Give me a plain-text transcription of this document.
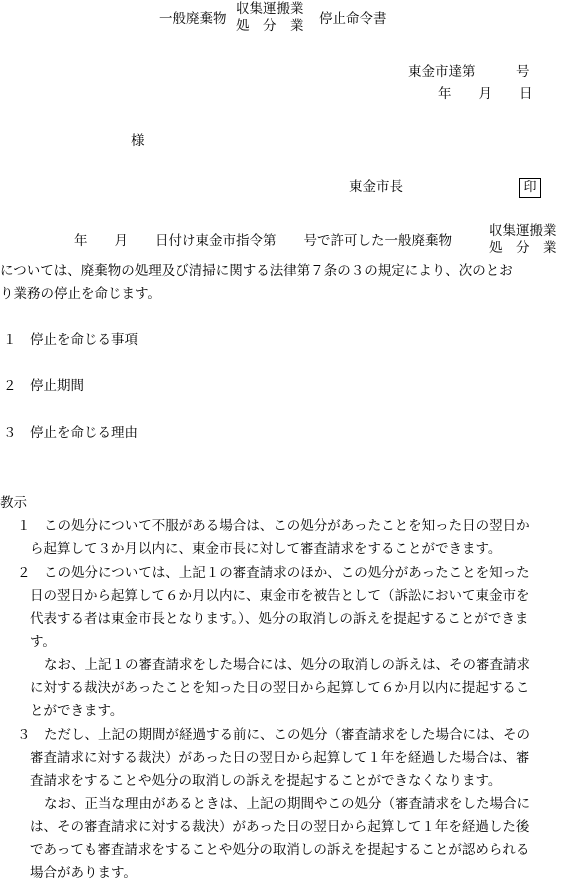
一般廃棄物
収集運搬業
処　分　業 停止命令書
東金市達第　　　号
年　　月　　日
様
東金市長	印
年　　月　　日付け東金市指令第　　号で許可した一般廃棄物
収集運搬業
処　分　業
については、廃棄物の処理及び清掃に関する法律第７条の３の規定により、次のとお
り業務の停止を命じます。
１　停止を命じる事項
２　停止期間
３　停止を命じる理由
教示
１　この処分について不服がある場合は、この処分があったことを知った日の翌日か
ら起算して３か月以内に、東金市長に対して審査請求をすることができます。
２　この処分については、上記１の審査請求のほか、この処分があったことを知った
日の翌日から起算して６か月以内に、東金市を被告として（訴訟において東金市を
代表する者は東金市長となります。）、処分の取消しの訴えを提起することができま
す。
なお、上記１の審査請求をした場合には、処分の取消しの訴えは、その審査請求
に対する裁決があったことを知った日の翌日から起算して６か月以内に提起するこ
とができます。
３　ただし、上記の期間が経過する前に、この処分（審査請求をした場合には、その
審査請求に対する裁決）があった日の翌日から起算して１年を経過した場合は、審
査請求をすることや処分の取消しの訴えを提起することができなくなります。
なお、正当な理由があるときは、上記の期間やこの処分（審査請求をした場合に
は、その審査請求に対する裁決）があった日の翌日から起算して１年を経過した後
であっても審査請求をすることや処分の取消しの訴えを提起することが認められる
場合があります。
